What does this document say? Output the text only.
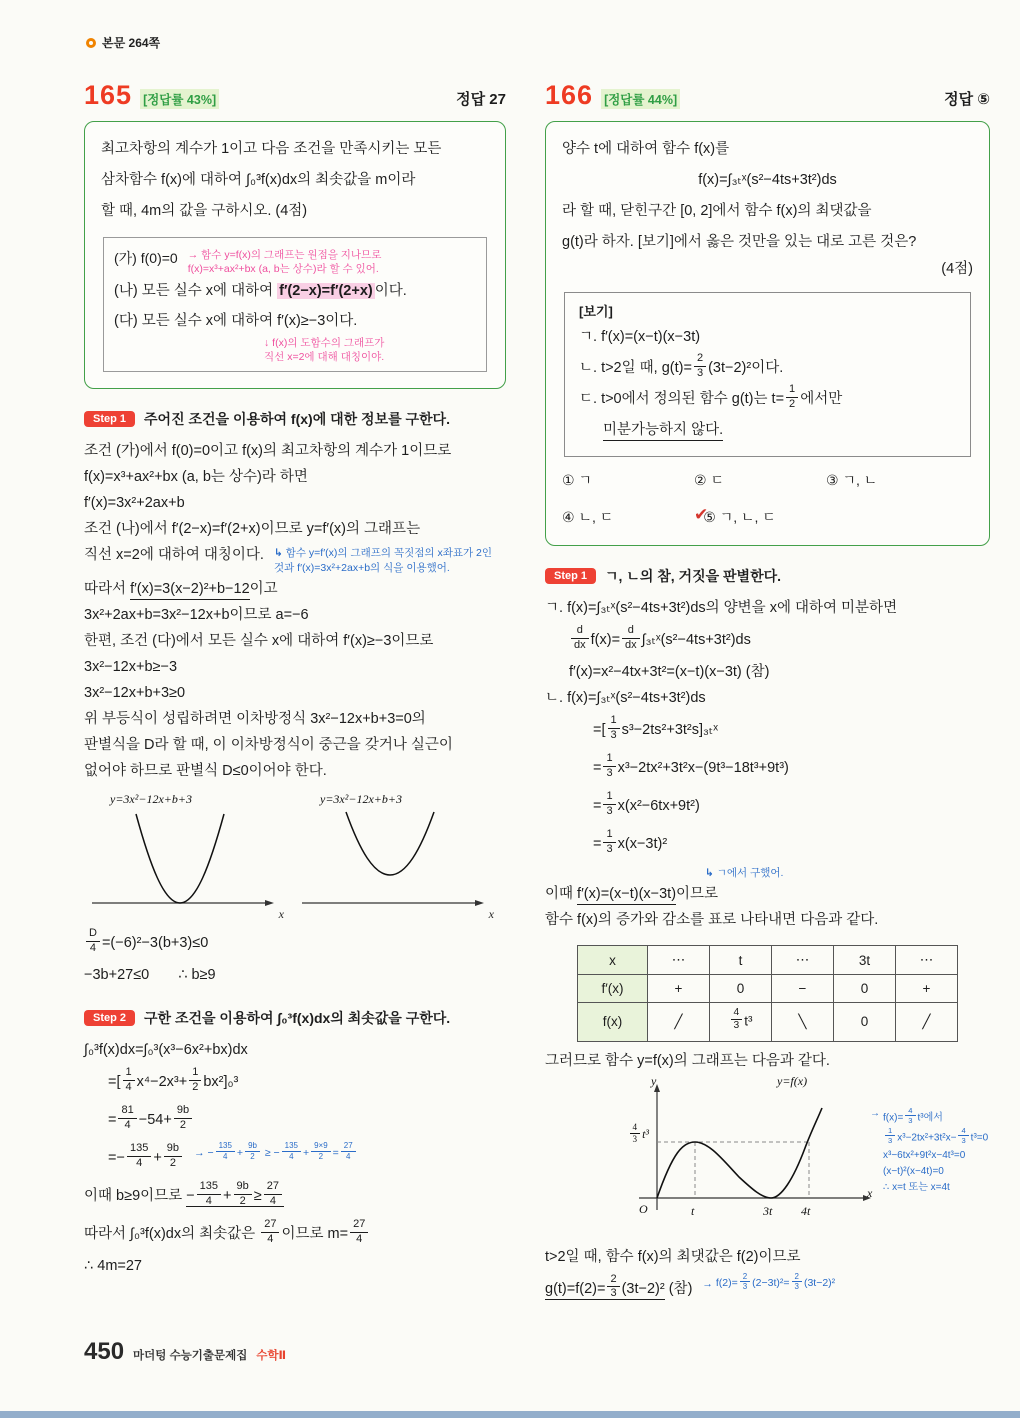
본문 264쪽
165 [정답률 43%]	정답 27
최고차항의 계수가 1이고 다음 조건을 만족시키는 모든
삼차함수 f(x)에 대하여 ∫₀³f(x)dx의 최솟값을 m이라
할 때, 4m의 값을 구하시오. (4점)
(가) f(0)=0 → 함수 y=f(x)의 그래프는 원점을 지나므로
f(x)=x³+ax²+bx (a, b는 상수)라 할 수 있어.
(나) 모든 실수 x에 대하여 f′(2−x)=f′(2+x) 이다.
(다) 모든 실수 x에 대하여 f′(x)≥−3이다.
↓ f(x)의 도함수의 그래프가
직선 x=2에 대해 대칭이야.
Step 1	주어진 조건을 이용하여 f(x)에 대한 정보를 구한다.
조건 (가)에서 f(0)=0이고 f(x)의 최고차항의 계수가 1이므로
f(x)=x³+ax²+bx (a, b는 상수)라 하면
f′(x)=3x²+2ax+b
조건 (나)에서 f′(2−x)=f′(2+x)이므로 y=f′(x)의 그래프는
직선 x=2에 대하여 대칭이다. ↳ 함수 y=f′(x)의 그래프의 꼭짓점의 x좌표가 2인
것과 f′(x)=3x²+2ax+b의 식을 이용했어.
따라서 f′(x)=3(x−2)²+b−12이고
3x²+2ax+b=3x²−12x+b이므로 a=−6
한편, 조건 (다)에서 모든 실수 x에 대하여 f′(x)≥−3이므로
3x²−12x+b≥−3
3x²−12x+b+3≥0
위 부등식이 성립하려면 이차방정식 3x²−12x+b+3=0의
판별식을 D라 할 때, 이 이차방정식이 중근을 갖거나 실근이
없어야 하므로 판별식 D≤0이어야 한다.
y=3x²−12x+b+3
x
y=3x²−12x+b+3
x
$\frac{D}{4} =(-6)^2-3(b+3)\le 0$
−3b+27≤0  ∴ b≥9
Step 2	구한 조건을 이용하여 ∫₀³f(x)dx의 최솟값을 구한다.
∫₀³f(x)dx=∫₀³(x³−6x²+bx)dx
=[ $\frac{1}{4} x^4-2x^3+ \frac{1}{2} bx^2]_0^3$
= $\frac{81}{4} -54+ \frac{9b}{2}$
=− $\frac{135}{4} + \frac{9b}{2}$ → − $\frac{135}{4} + \frac{9b}{2}$ ≥ − $\frac{135}{4} + \frac{9\times 9}{2} = \frac{27}{4}$
이때 b≥9이므로 − $\frac{135}{4} + \frac{9b}{2} \ge \frac{27}{4}$
따라서 ∫₀³f(x)dx의 최솟값은 $\frac{27}{4}$ 이므로 $m= \frac{27}{4}$
∴ 4m=27
166 [정답률 44%]	정답 ⑤
양수 t에 대하여 함수 f(x)를
f(x)=∫₃ₜˣ(s²−4ts+3t²)ds
라 할 때, 닫힌구간 [0, 2]에서 함수 f(x)의 최댓값을
g(t)라 하자. [보기]에서 옳은 것만을 있는 대로 고른 것은?
(4점)
[보기]
ㄱ. f′(x)=(x−t)(x−3t)
ㄴ. t>2일 때, $g(t)= \frac{2}{3} (3t-2)^2$이다.
ㄷ. t>0에서 정의된 함수 g(t)는 $t= \frac{1}{2}$ 에서만
미분가능하지 않다.
① ㄱ	② ㄷ	③ ㄱ, ㄴ
④ ㄴ, ㄷ	✔
⑤ ㄱ, ㄴ, ㄷ
Step 1	ㄱ, ㄴ의 참, 거짓을 판별한다.
ㄱ. f(x)=∫₃ₜˣ(s²−4ts+3t²)ds의 양변을 x에 대하여 미분하면
$\frac{d}{dx} f(x)= \frac{d}{dx}$ ∫₃ₜˣ(s²−4ts+3t²)ds
f′(x)=x²−4tx+3t²=(x−t)(x−3t) (참)
ㄴ. f(x)=∫₃ₜˣ(s²−4ts+3t²)ds
=[ $\frac{1}{3}$ s³−2ts²+3t²s]₃ₜˣ
= $\frac{1}{3} x^3-2tx^2+3t^2x-(9t^3-18t^3+9t^3)$
= $\frac{1}{3} x(x^2-6tx+9t^2)$
= $\frac{1}{3} x(x-3t)^2$
↳ ㄱ에서 구했어.
이때 f′(x)=(x−t)(x−3t)이므로
함수 f(x)의 증가와 감소를 표로 나타내면 다음과 같다.
x	⋯	t	⋯	3t	⋯
f′(x)	+	0	−	0	+
f(x)	╱	$\frac{4}{3} t^3$	╲	0	╱
그러므로 함수 y=f(x)의 그래프는 다음과 같다.
y
x
O	t	3t 4t
$\frac{4}{3} t^3$
y=f(x)
→ $f(x)= \frac{4}{3} t^3$에서
$\frac{1}{3} x^3-2tx^2+3t^2x- \frac{4}{3} t^3=0$
x³−6tx²+9t²x−4t³=0
(x−t)²(x−4t)=0
∴ x=t 또는 x=4t
t>2일 때, 함수 f(x)의 최댓값은 f(2)이므로
$g(t)=f(2)= \frac{2}{3} (3t-2)^2$ (참) → $f(2)= \frac{2}{3} (2-3t)^2= \frac{2}{3} (3t-2)^2$
450 마더텅 수능기출문제집 수학Ⅱ
